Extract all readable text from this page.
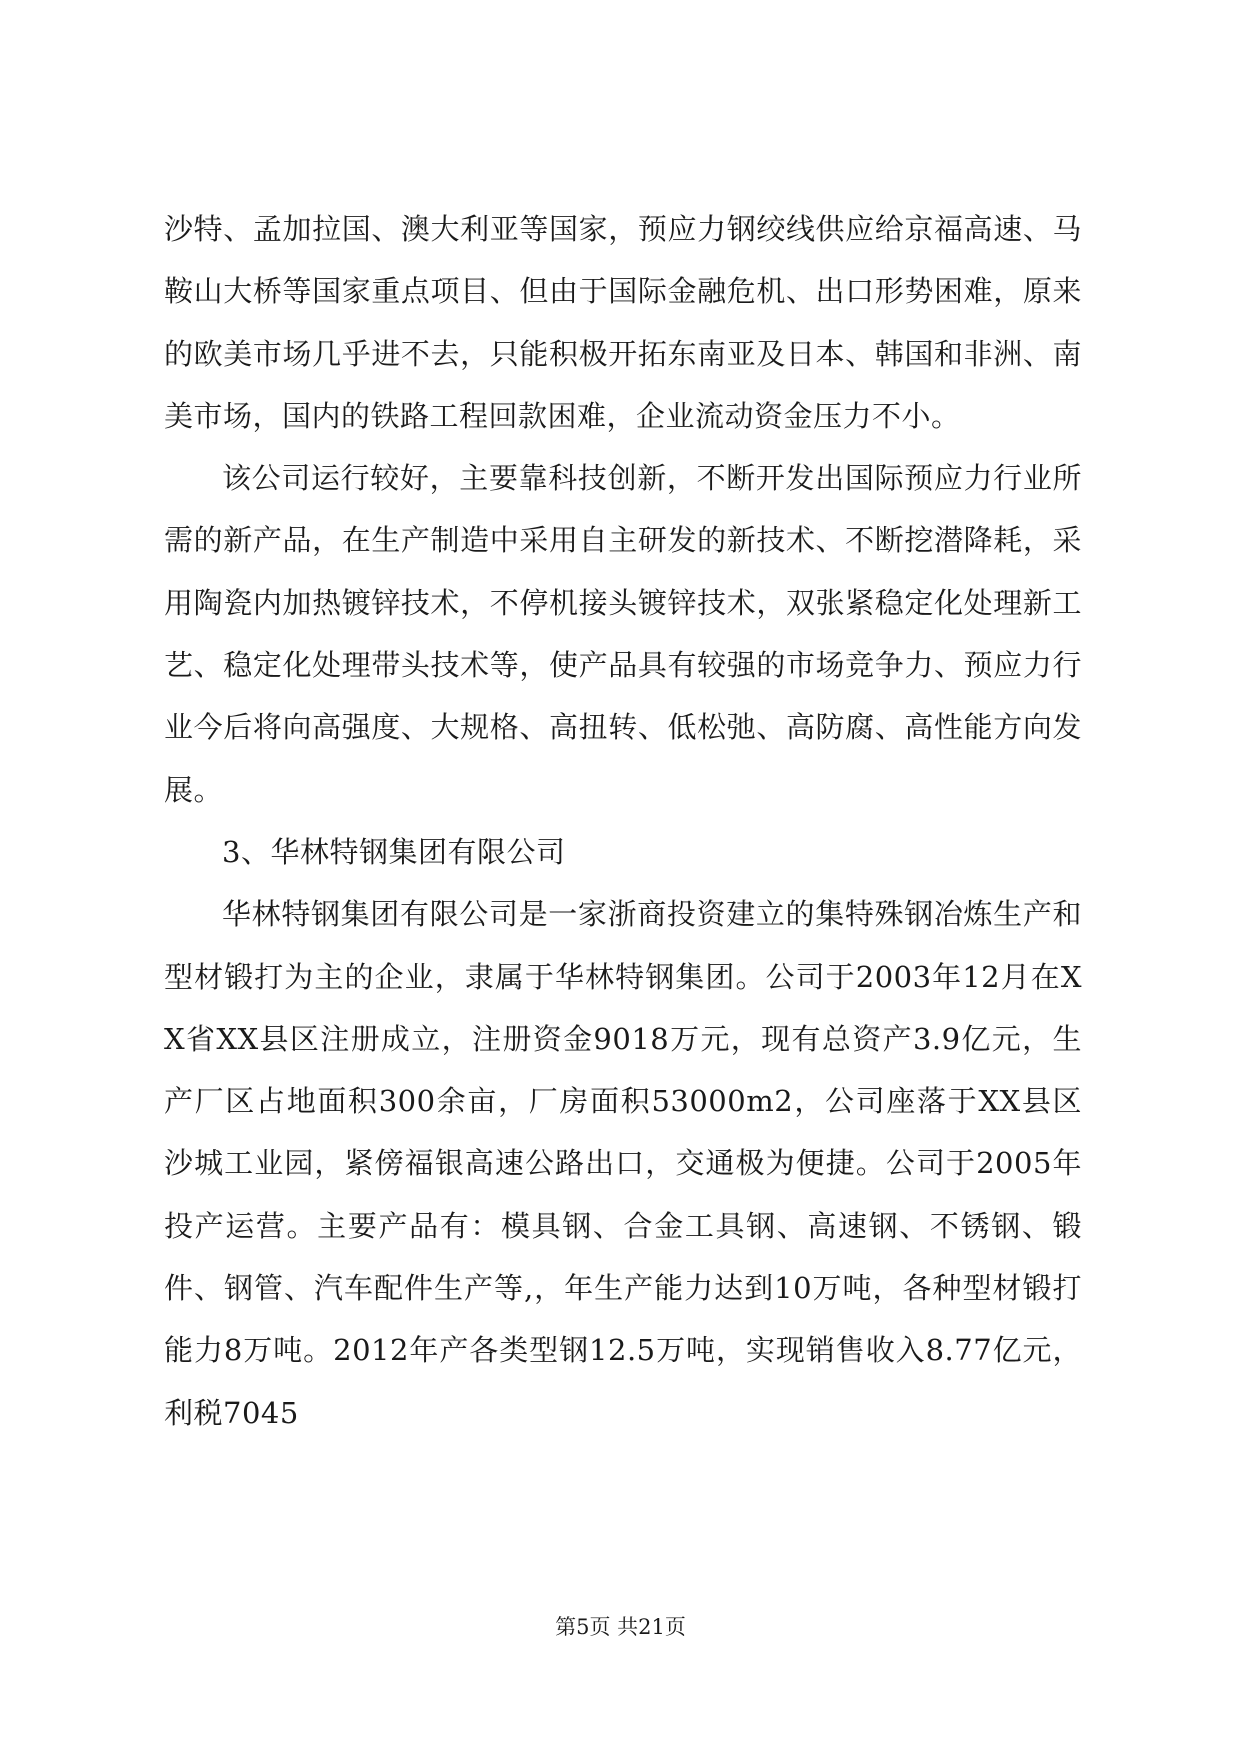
沙特、孟加拉国、澳大利亚等国家，预应力钢绞线供应给京福高速、马鞍山大桥等国家重点项目、但由于国际金融危机、出口形势困难，原来的欧美市场几乎进不去，只能积极开拓东南亚及日本、韩国和非洲、南美市场，国内的铁路工程回款困难，企业流动资金压力不小。

该公司运行较好，主要靠科技创新，不断开发出国际预应力行业所需的新产品，在生产制造中采用自主研发的新技术、不断挖潜降耗，采用陶瓷内加热镀锌技术，不停机接头镀锌技术，双张紧稳定化处理新工艺、稳定化处理带头技术等，使产品具有较强的市场竞争力、预应力行业今后将向高强度、大规格、高扭转、低松弛、高防腐、高性能方向发展。

3、华林特钢集团有限公司

华林特钢集团有限公司是一家浙商投资建立的集特殊钢冶炼生产和型材锻打为主的企业，隶属于华林特钢集团。公司于2003年12月在XX省XX县区注册成立，注册资金9018万元，现有总资产3.9亿元，生产厂区占地面积300余亩，厂房面积53000m2，公司座落于XX县区沙城工业园，紧傍福银高速公路出口，交通极为便捷。公司于2005年投产运营。主要产品有：模具钢、合金工具钢、高速钢、不锈钢、锻件、钢管、汽车配件生产等,，年生产能力达到10万吨，各种型材锻打能力8万吨。2012年产各类型钢12.5万吨，实现销售收入8.77亿元，利税7045

第5页 共21页
